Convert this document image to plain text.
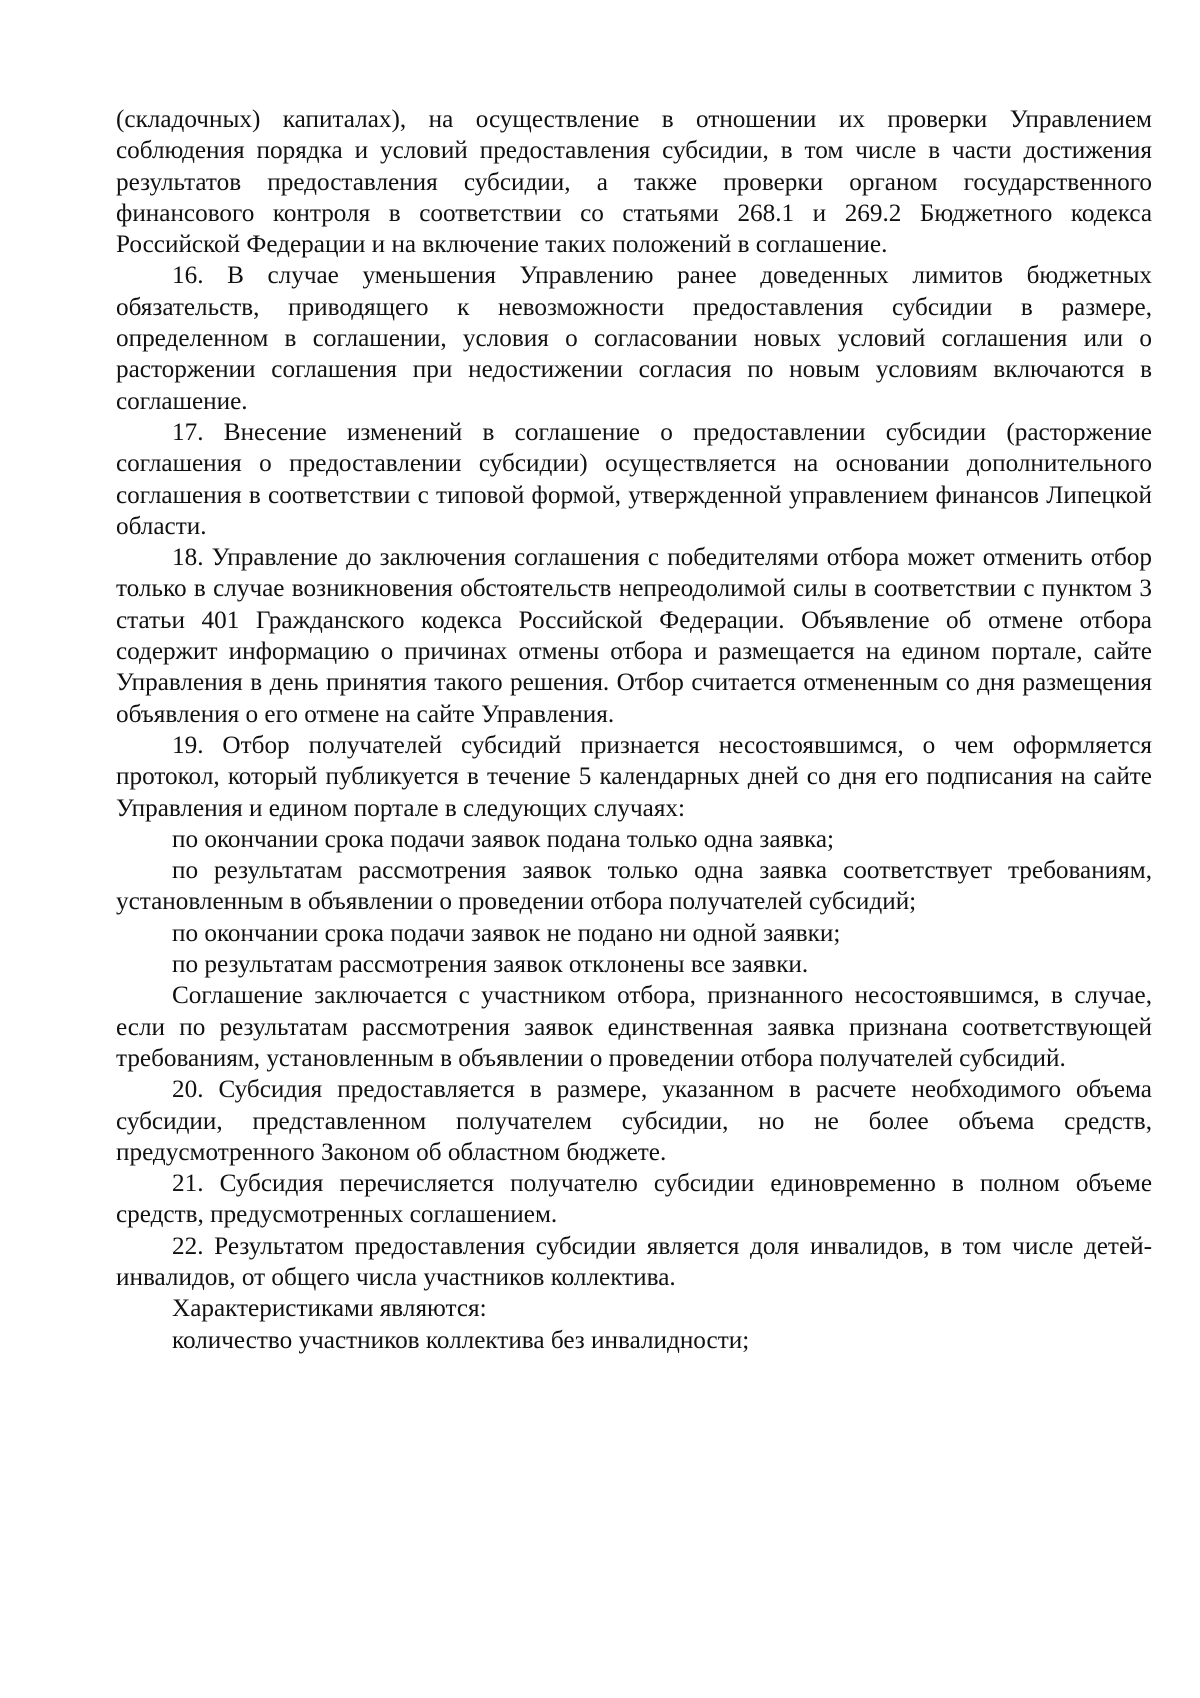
(складочных) капиталах), на осуществление в отношении их проверки Управлением соблюдения порядка и условий предоставления субсидии, в том числе в части достижения результатов предоставления субсидии, а также проверки органом государственного финансового контроля в соответствии со статьями 268.1 и 269.2 Бюджетного кодекса Российской Федерации и на включение таких положений в соглашение.

16. В случае уменьшения Управлению ранее доведенных лимитов бюджетных обязательств, приводящего к невозможности предоставления субсидии в размере, определенном в соглашении, условия о согласовании новых условий соглашения или о расторжении соглашения при недостижении согласия по новым условиям включаются в соглашение.

17. Внесение изменений в соглашение о предоставлении субсидии (расторжение соглашения о предоставлении субсидии) осуществляется на основании дополнительного соглашения в соответствии с типовой формой, утвержденной управлением финансов Липецкой области.

18. Управление до заключения соглашения с победителями отбора может отменить отбор только в случае возникновения обстоятельств непреодолимой силы в соответствии с пунктом 3 статьи 401 Гражданского кодекса Российской Федерации. Объявление об отмене отбора содержит информацию о причинах отмены отбора и размещается на едином портале, сайте Управления в день принятия такого решения. Отбор считается отмененным со дня размещения объявления о его отмене на сайте Управления.

19. Отбор получателей субсидий признается несостоявшимся, о чем оформляется протокол, который публикуется в течение 5 календарных дней со дня его подписания на сайте Управления и едином портале в следующих случаях:

по окончании срока подачи заявок подана только одна заявка;

по результатам рассмотрения заявок только одна заявка соответствует требованиям, установленным в объявлении о проведении отбора получателей субсидий;

по окончании срока подачи заявок не подано ни одной заявки;

по результатам рассмотрения заявок отклонены все заявки.

Соглашение заключается с участником отбора, признанного несостоявшимся, в случае, если по результатам рассмотрения заявок единственная заявка признана соответствующей требованиям, установленным в объявлении о проведении отбора получателей субсидий.

20. Субсидия предоставляется в размере, указанном в расчете необходимого объема субсидии, представленном получателем субсидии, но не более объема средств, предусмотренного Законом об областном бюджете.

21. Субсидия перечисляется получателю субсидии единовременно в полном объеме средств, предусмотренных соглашением.

22. Результатом предоставления субсидии является доля инвалидов, в том числе детей-инвалидов, от общего числа участников коллектива.

Характеристиками являются:

количество участников коллектива без инвалидности;
